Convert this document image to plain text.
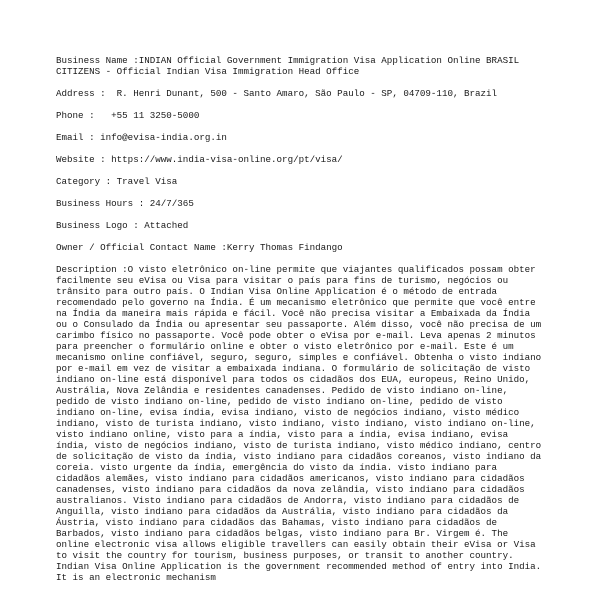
Business Name :INDIAN Official Government Immigration Visa Application Online BRASIL CITIZENS - Official Indian Visa Immigration Head Office
Address :  R. Henri Dunant, 500 - Santo Amaro, São Paulo - SP, 04709-110, Brazil
Phone :   +55 11 3250-5000
Email : info@evisa-india.org.in
Website : https://www.india-visa-online.org/pt/visa/
Category : Travel Visa
Business Hours : 24/7/365
Business Logo : Attached
Owner / Official Contact Name :Kerry Thomas Findango
Description :O visto eletrônico on-line permite que viajantes qualificados possam obter facilmente seu eVisa ou Visa para visitar o país para fins de turismo, negócios ou trânsito para outro país. O Indian Visa Online Application é o método de entrada recomendado pelo governo na Índia. É um mecanismo eletrônico que permite que você entre na Índia da maneira mais rápida e fácil. Você não precisa visitar a Embaixada da Índia ou o Consulado da Índia ou apresentar seu passaporte. Além disso, você não precisa de um carimbo físico no passaporte. Você pode obter o eVisa por e-mail. Leva apenas 2 minutos para preencher o formulário online e obter o visto eletrônico por e-mail. Este é um mecanismo online confiável, seguro, seguro, simples e confiável. Obtenha o visto indiano por e-mail em vez de visitar a embaixada indiana. O formulário de solicitação de visto indiano on-line está disponível para todos os cidadãos dos EUA, europeus, Reino Unido, Austrália, Nova Zelândia e residentes canadenses. Pedido de visto indiano on-line, pedido de visto indiano on-line, pedido de visto indiano on-line, pedido de visto indiano on-line, evisa índia, evisa indiano, visto de negócios indiano, visto médico indiano, visto de turista indiano, visto indiano, visto indiano, visto indiano on-line, visto indiano online, visto para a índia, visto para a índia, evisa indiano, evisa índia, visto de negócios indiano, visto de turista indiano, visto médico indiano, centro de solicitação de visto da índia, visto indiano para cidadãos coreanos, visto indiano da coreia. visto urgente da índia, emergência do visto da índia. visto indiano para cidadãos alemães, visto indiano para cidadãos americanos, visto indiano para cidadãos canadenses, visto indiano para cidadãos da nova zelândia, visto indiano para cidadãos australianos. Visto indiano para cidadãos de Andorra, visto indiano para cidadãos de Anguilla, visto indiano para cidadãos da Austrália, visto indiano para cidadãos da Áustria, visto indiano para cidadãos das Bahamas, visto indiano para cidadãos de Barbados, visto indiano para cidadãos belgas, visto indiano para Br. Virgem é. The online electronic visa allows eligible travellers can easily obtain their eVisa or Visa to visit the country for tourism, business purposes, or transit to another country. Indian Visa Online Application is the government recommended method of entry into India. It is an electronic mechanism
